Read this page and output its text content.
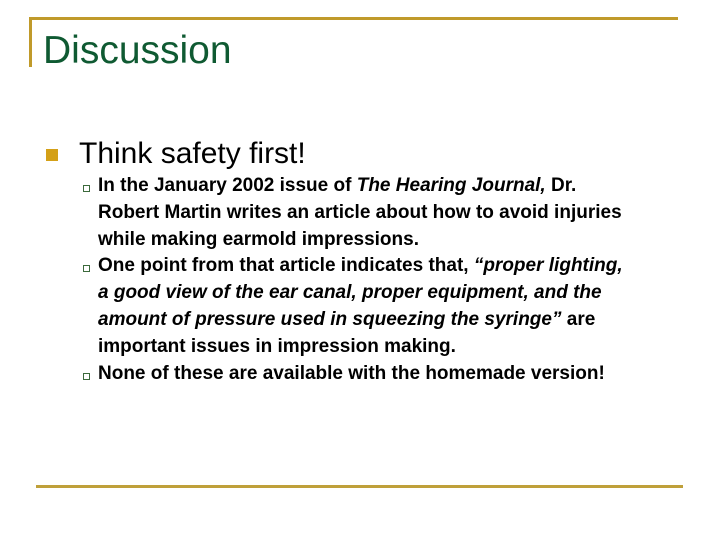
Discussion
Think safety first!
In the January 2002 issue of The Hearing Journal, Dr. Robert Martin writes an article about how to avoid injuries while making earmold impressions.
One point from that article indicates that, “proper lighting, a good view of the ear canal, proper equipment, and the amount of pressure used in squeezing the syringe” are important issues in impression making.
None of these are available with the homemade version!
